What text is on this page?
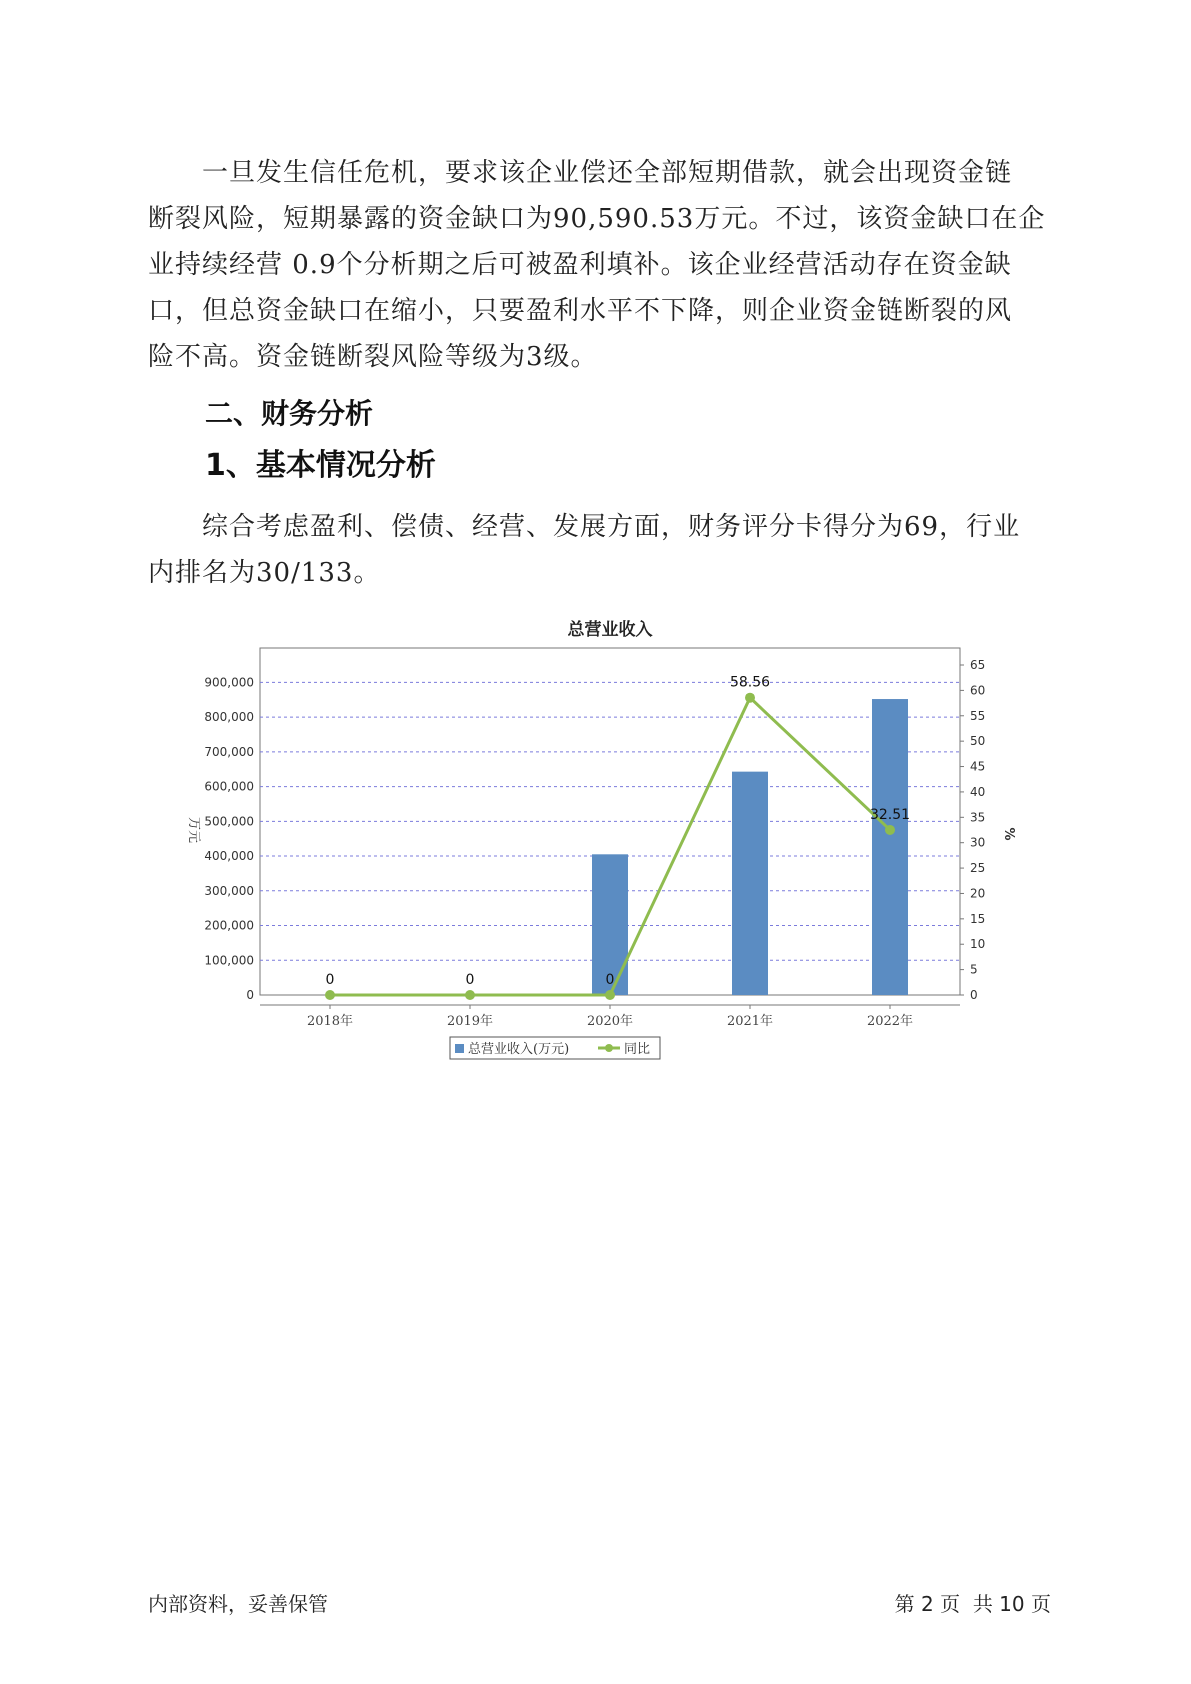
一旦发生信任危机，要求该企业偿还全部短期借款，就会出现资金链
断裂风险，短期暴露的资金缺口为90,590.53万元。不过，该资金缺口在企
业持续经营 0.9个分析期之后可被盈利填补。该企业经营活动存在资金缺
口，但总资金缺口在缩小，只要盈利水平不下降，则企业资金链断裂的风
险不高。资金链断裂风险等级为3级。
二、财务分析
1、基本情况分析
综合考虑盈利、偿债、经营、发展方面，财务评分卡得分为69，行业
内排名为30/133。
总营业收入
0
100,000
200,000
300,000
400,000
500,000
600,000
700,000
800,000
900,000
0
5
10
15
20
25
30
35
40
45
50
55
60
65
万元	%
2018年	2019年	2020年	2021年	2022年
0	0	0
58.56
32.51
总营业收入(万元)	同比
内部资料，妥善保管	第 2 页  共 10 页
